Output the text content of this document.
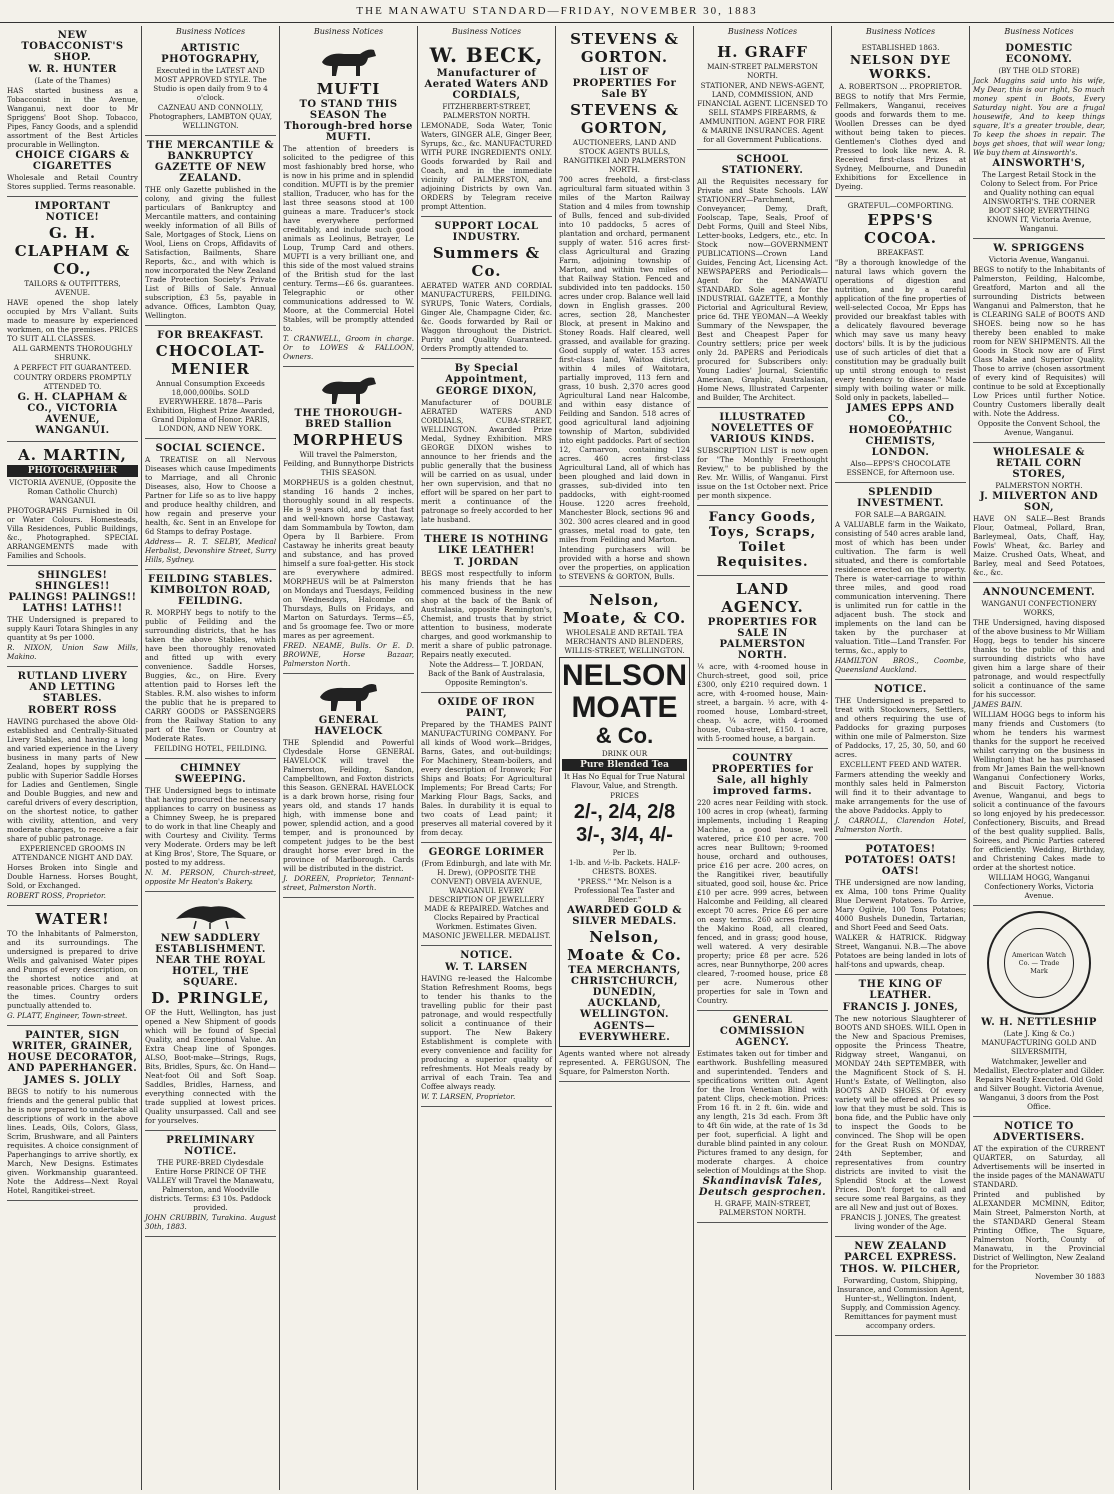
THE MANAWATU STANDARD—FRIDAY, NOVEMBER 30, 1883
NEW TOBACCONIST'S SHOP.
W. R. HUNTER

(Late of the Thames)

HAS started business as a Tobacconist in the Avenue, Wanganui, next door to Mr Spriggens' Boot Shop. Tobacco, Pipes, Fancy Goods, and a splendid assortment of the Best Articles procurable in Wellington.

CHOICE CIGARS & CIGARETTES

Wholesale and Retail Country Stores supplied. Terms reasonable.

IMPORTANT NOTICE!
G. H. CLAPHAM & CO.,

TAILORS & OUTFITTERS, AVENUE.

HAVE opened the shop lately occupied by Mrs V'allant. Suits made to measure by experienced workmen, on the premises. PRICES TO SUIT ALL CLASSES.

ALL GARMENTS THOROUGHLY SHRUNK.

A PERFECT FIT GUARANTEED.

COUNTRY ORDERS PROMPTLY ATTENDED TO.

G. H. CLAPHAM & CO., VICTORIA AVENUE, WANGANUI.
A. MARTIN,
PHOTOGRAPHER

VICTORIA AVENUE, (Opposite the Roman Catholic Church) WANGANUI.

PHOTOGRAPHS Furnished in Oil or Water Colours. Homesteads, Villa Residences, Public Buildings, &c., Photographed. SPECIAL ARRANGEMENTS made with Families and Schools.

SHINGLES! SHINGLES!! PALINGS! PALINGS!! LATHS! LATHS!!

THE Undersigned is prepared to supply Kauri Totara Shingles in any quantity at 9s per 1000.

R. NIXON, Union Saw Mills, Makino.

RUTLAND LIVERY AND LETTING STABLES.
ROBERT ROSS

HAVING purchased the above Old-established and Centrally-Situated Livery Stables, and having a long and varied experience in the Livery business in many parts of New Zealand, hopes by supplying the public with Superior Saddle Horses for Ladies and Gentlemen, Single and Double Buggies, and new and careful drivers of every description, on the shortest notice, to gather with civility, attention, and very moderate charges, to receive a fair share of public patronage.

EXPERIENCED GROOMS IN ATTENDANCE NIGHT AND DAY.

Horses Broken into Single and Double Harness. Horses Bought, Sold, or Exchanged.

ROBERT ROSS, Proprietor.

WATER!

TO the Inhabitants of Palmerston, and its surroundings. The undersigned is prepared to drive Wells and galvanised Water pipes and Pumps of every description, on the shortest notice and at reasonable prices. Charges to suit the times. Country orders punctually attended to.

G. PLATT, Engineer, Town-street.

PAINTER, SIGN WRITER, GRAINER, HOUSE DECORATOR, AND PAPERHANGER.
JAMES S. JOLLY

BEGS to notify to his numerous friends and the general public that he is now prepared to undertake all descriptions of work in the above lines. Leads, Oils, Colors, Glass, Scrim, Brushware, and all Painters requisites. A choice consignment of Paperhangings to arrive shortly, ex March, New Designs. Estimates given. Workmanship guaranteed. Note the Address—Next Royal Hotel, Rangitikei-street.

Business Notices
ARTISTIC PHOTOGRAPHY,

Executed in the LATEST AND MOST APPROVED STYLE. The Studio is open daily from 9 to 4 o'clock.

CAZNEAU AND CONNOLLY, Photographers, LAMBTON QUAY, WELLINGTON.

THE MERCANTILE & BANKRUPTCY GAZETTE OF NEW ZEALAND.

THE only Gazette published in the colony, and giving the fullest particulars of Bankruptcy and Mercantile matters, and containing weekly information of all Bills of Sale, Mortgages of Stock, Liens on Wool, Liens on Crops, Affidavits of Satisfaction, Bailments, Share Reports, &c., and with which is now incorporated the New Zealand Trade Protection Society's Private List of Bills of Sale. Annual subscription, £3 5s, payable in advance. Offices, Lambton Quay, Wellington.

FOR BREAKFAST.
CHOCOLAT-MENIER

Annual Consumption Exceeds 18,000,000lbs. SOLD EVERYWHERE. 1878—Paris Exhibition, Highest Prize Awarded, Grand Diploma of Honor. PARIS, LONDON, AND NEW YORK.

SOCIAL SCIENCE.

A TREATISE on all Nervous Diseases which cause Impediments to Marriage, and all Chronic Diseases, also, How to Choose a Partner for Life so as to live happy and produce healthy children, and how regain and preserve your health, &c. Sent in an Envelope for 6d Stamps to defray Postage.

Address— R. T. SELBY, Medical Herbalist, Devonshire Street, Surry Hills, Sydney.

FEILDING STABLES. KIMBOLTON ROAD, FEILDING.

R. MORPHY begs to notify to the public of Feilding and the surrounding districts, that he has taken the above Stables, which have been thoroughly renovated and fitted up with every convenience. Saddle Horses, Buggies, &c., on Hire. Every attention paid to Horses left the Stables. R.M. also wishes to inform the public that he is prepared to CARRY GOODS or PASSENGERS from the Railway Station to any part of the Town or Country at Moderate Rates.

FEILDING HOTEL, FEILDING.

CHIMNEY SWEEPING.

THE Undersigned begs to intimate that having procured the necessary appliances to carry on business as a Chimney Sweep, he is prepared to do work in that line Cheaply and with Courtesy and Civility. Terms very Moderate. Orders may be left at King Bros', Store, The Square, or posted to my address.

N. M. PERSON, Church-street, opposite Mr Heaton's Bakery.

NEW SADDLERY ESTABLISHMENT. NEAR THE ROYAL HOTEL, THE SQUARE.
D. PRINGLE,

OF the Hutt, Wellington, has just opened a New Shipment of goods which will be found of Special Quality, and Exceptional Value. An Extra Cheap line of Sponges. ALSO, Boot-make—Strings, Rugs, Bits, Bridles, Spurs, &c. On Hand—Neat-foot Oil and Soft Soap. Saddles, Bridles, Harness, and everything connected with the trade supplied at lowest prices. Quality unsurpassed. Call and see for yourselves.

PRELIMINARY NOTICE.

THE PURE-BRED Clydesdale Entire Horse PRINCE OF THE VALLEY will Travel the Manawatu, Palmerston, and Woodville districts. Terms: £3 10s. Paddock provided.

JOHN CRUBBIN, Turakina. August 30th, 1883.

Business Notices
MUFTI
TO STAND THIS SEASON The Thorough-bred horse MUFTI.

The attention of breeders is solicited to the pedigree of this most fashionably bred horse, who is now in his prime and in splendid condition. MUFTI is by the premier stallion, Traducer, who has for the last three seasons stood at 100 guineas a mare. Traducer's stock have everywhere performed creditably, and include such good animals as Leolinus, Betrayer, Le Loup, Trump Card and others. MUFTI is a very brilliant one, and this side of the most valued strains of the British stud for the last century. Terms—£6 6s. guarantees. Telegraphic or other communications addressed to W. Moore, at the Commercial Hotel Stables, will be promptly attended to.

T. CRANWELL, Groom in charge. Or to LOWES & FALLOON, Owners.

THE THOROUGH-BRED Stallion
MORPHEUS

Will travel the Palmerston, Feilding, and Bunnythorpe Districts THIS SEASON.

MORPHEUS is a golden chestnut, standing 16 hands 2 inches, thoroughly sound in all respects. He is 9 years old, and by that fast and well-known horse Castaway, dam Sommambula by Towton, dam Opera by Il Barbiere. From Castaway he inherits great beauty and substance, and has proved himself a sure foal-getter. His stock are everywhere admired. MORPHEUS will be at Palmerston on Mondays and Tuesdays, Feilding on Wednesdays, Halcombe on Thursdays, Bulls on Fridays, and Marton on Saturdays. Terms—£5, and 5s groomage fee. Two or more mares as per agreement.

FRED. NEAME, Bulls. Or E. D. BROWNE, Horse Bazaar, Palmerston North.

GENERAL HAVELOCK

THE Splendid and Powerful Clydesdale Horse GENERAL HAVELOCK will travel the Palmerston, Feilding, Sandon, Campbelltown, and Foxton districts this Season. GENERAL HAVELOCK is a dark brown horse, rising four years old, and stands 17 hands high, with immense bone and power, splendid action, and a good temper, and is pronounced by competent judges to be the best draught horse ever bred in the province of Marlborough. Cards will be distributed in the district.

J. DOREEN, Proprietor, Tennant-street, Palmerston North.

Business Notices
W. BECK,
Manufacturer of Aerated Waters AND CORDIALS,

FITZHERBERT-STREET, PALMERSTON NORTH.

LEMONADE, Soda Water, Tonic Waters, GINGER ALE, Ginger Beer, Syrups, &c., &c. MANUFACTURED WITH PURE INGREDIENTS ONLY. Goods forwarded by Rail and Coach, and in the immediate vicinity of PALMERSTON, and adjoining Districts by own Van. ORDERS by Telegram receive prompt Attention.

SUPPORT LOCAL INDUSTRY.
Summers & Co.

AERATED WATER AND CORDIAL MANUFACTURERS, FEILDING. SYRUPS, Tonic Waters, Cordials, Ginger Ale, Champagne Cider, &c. &c. Goods forwarded by Rail or Waggon throughout the District. Purity and Quality Guaranteed. Orders Promptly attended to.

By Special Appointment,
GEORGE DIXON,

Manufacturer of DOUBLE AERATED WATERS AND CORDIALS, CUBA-STREET, WELLINGTON. Awarded Prize Medal, Sydney Exhibition. MRS GEORGE DIXON wishes to announce to her friends and the public generally that the business will be carried on as usual, under her own supervision, and that no effort will be spared on her part to merit a continuance of the patronage so freely accorded to her late husband.

THERE IS NOTHING LIKE LEATHER!
T. JORDAN

BEGS most respectfully to inform his many friends that he has commenced business in the new shop at the back of the Bank of Australasia, opposite Remington's, Chemist, and trusts that by strict attention to business, moderate charges, and good workmanship to merit a share of public patronage. Repairs neatly executed.

Note the Address— T. JORDAN, Back of the Bank of Australasia, Opposite Remington's.

OXIDE OF IRON PAINT,

Prepared by the THAMES PAINT MANUFACTURING COMPANY. For all kinds of Wood work—Bridges, Barns, Gates, and out-buildings; For Machinery, Steam-boilers, and every description of Ironwork; For Ships and Boats; For Agricultural Implements; For Bread Carts; For Marking Flour Bags, Sacks, and Bales. In durability it is equal to two coats of Lead paint; it preserves all material covered by it from decay.

GEORGE LORIMER

(From Edinburgh, and late with Mr. H. Drew), (OPPOSITE THE CONVENT) OBVEIA AVENUE, WANGANUI. EVERY DESCRIPTION OF JEWELLERY MADE & REPAIRED. Watches and Clocks Repaired by Practical Workmen. Estimates Given. MASONIC JEWELLER. MEDALIST.

NOTICE.
W. T. LARSEN

HAVING re-leased the Halcombe Station Refreshment Rooms, begs to tender his thanks to the travelling public for their past patronage, and would respectfully solicit a continuance of their support. The New Bakery Establishment is complete with every convenience and facility for producing a superior quality of refreshments. Hot Meals ready by arrival of each Train. Tea and Coffee always ready.

W. T. LARSEN, Proprietor.

STEVENS & GORTON.
LIST OF PROPERTIES For Sale BY
STEVENS & GORTON,

AUCTIONEERS, LAND AND STOCK AGENTS BULLS, RANGITIKEI AND PALMERSTON NORTH.

700 acres freehold, a first-class agricultural farm situated within 3 miles of the Marton Railway Station and 4 miles from township of Bulls, fenced and sub-divided into 10 paddocks, 5 acres of plantation and orchard, permanent supply of water. 516 acres first-class Agricultural and Grazing Farm, adjoining township of Marton, and within two miles of that Railway Station. Fenced and subdivided into ten paddocks. 150 acres under crop. Balance well laid down in English grasses. 200 acres, section 28, Manchester Block, at present in Makino and Stoney Roads. Half cleared, well grassed, and available for grazing. Good supply of water. 153 acres first-class land, Waitoa district, within 4 miles of Waitotara, partially improved, 113 fern and grass, 10 bush. 2,370 acres good Agricultural Land near Halcombe, and within easy distance of Feilding and Sandon. 518 acres of good agricultural land adjoining township of Marton, subdivided into eight paddocks. Part of section 12, Carnarvon, containing 124 acres. 460 acres first-class Agricultural Land, all of which has been ploughed and laid down in grasses, sub-divided into ten paddocks, with eight-roomed House. 1220 acres freehold, Manchester Block, sections 96 and 302. 300 acres cleared and in good grasses, metal road to gate, ten miles from Feilding and Marton.

Intending purchasers will be provided with a horse and shown over the properties, on application to STEVENS & GORTON, Bulls.

Nelson, Moate, & CO.

WHOLESALE AND RETAIL TEA MERCHANTS AND BLENDERS, WILLIS-STREET, WELLINGTON.

NELSON
MOATE
& Co.

DRINK OUR

Pure Blended Tea

It Has No Equal for True Natural Flavour, Value, and Strength.

PRICES

2/-, 2/4, 2/8
3/-, 3/4, 4/-

Per lb.

1-lb. and ½-lb. Packets. HALF-CHESTS. BOXES.

"PRESS." "Mr. Nelson is a Professional Tea Taster and Blender."

AWARDED GOLD & SILVER MEDALS.
Nelson, Moate & Co.
TEA MERCHANTS, CHRISTCHURCH, DUNEDIN, AUCKLAND, WELLINGTON.
AGENTS—EVERYWHERE.

Agents wanted where not already represented. A. FERGUSON, The Square, for Palmerston North.

Business Notices
H. GRAFF

MAIN-STREET PALMERSTON NORTH.

STATIONER, AND NEWS-AGENT, LAND, COMMISSION, AND FINANCIAL AGENT. LICENSED TO SELL STAMPS FIREARMS, & AMMUNITION. AGENT FOR FIRE & MARINE INSURANCES. Agent for all Government Publications.

SCHOOL STATIONERY.

All the Requisites necessary for Private and State Schools. LAW STATIONERY—Parchment, Conveyancer, Demy, Draft, Foolscap, Tape, Seals, Proof of Debt Forms, Quill and Steel Nibs, Letter-books, Ledgers, etc., etc. In Stock now—GOVERNMENT PUBLICATIONS—Crown Land Guides, Fencing Act, Licensing Act. NEWSPAPERS and Periodicals—Agent for the MANAWATU STANDARD. Sole agent for the INDUSTRIAL GAZETTE, a Monthly Pictorial and Agricultural Review, price 6d. THE YEOMAN—A Weekly Summary of the Newspaper, the Best and Cheapest Paper for Country settlers; price per week only 2d. PAPERS and Periodicals procured for Subscribers only: Young Ladies' Journal, Scientific American, Graphic, Australasian, Home News, Illustrated Carpenter and Builder, The Architect.

ILLUSTRATED NOVELETTES OF VARIOUS KINDS.

SUBSCRIPTION LIST is now open for "The Monthly Freethought Review," to be published by the Rev. Mr. Willis, of Wanganui. First issue on the 1st October next. Price per month sixpence.

Fancy Goods, Toys, Scraps, Toilet Requisites.
LAND AGENCY.
PROPERTIES FOR SALE IN PALMERSTON NORTH.

¼ acre, with 4-roomed house in Church-street, good soil, price £300, only £210 required down. 1 acre, with 4-roomed house, Main-street, a bargain. ½ acre, with 4-roomed house, Lombard-street, cheap. ¼ acre, with 4-roomed house, Cuba-street, £150. 1 acre, with 5-roomed house, a bargain.

COUNTRY PROPERTIES for Sale, all highly improved farms.

220 acres near Feilding with stock. 100 acres in crop (wheat), farming implements, including 1 Reaping Machine, a good house, well watered, price £10 per acre. 700 acres near Bulltown; 9-roomed house, orchard and outhouses, price £16 per acre. 200 acres, on the Rangitikei river, beautifully situated, good soil, house &c. Price £10 per acre. 999 acres, between Halcombe and Feilding, all cleared except 70 acres. Price £6 per acre on easy terms. 260 acres fronting the Makino Road, all cleared, fenced, and in grass; good house, well watered. A very desirable property; price £8 per acre. 526 acres, near Bunnythorpe, 200 acres cleared, 7-roomed house, price £8 per acre. Numerous other properties for sale in Town and Country.

GENERAL COMMISSION AGENCY.

Estimates taken out for timber and earthwork. Bushfelling measured and superintended. Tenders and specifications written out. Agent for the Iron Venetian Blind with patent Clips, check-motion. Prices: From 16 ft. in 2 ft. 6in. wide and any length, 21s 3d each. From 3ft to 4ft 6in wide, at the rate of 1s 3d per foot, superficial. A light and durable blind painted in any colour. Pictures framed to any design, for moderate charges. A choice selection of Mouldings at the Shop.

Skandinavisk Tales, Deutsch gesprochen.

H. GRAFF, MAIN-STREET, PALMERSTON NORTH.

Business Notices

ESTABLISHED 1863.

NELSON DYE WORKS.

A. ROBERTSON ... PROPRIETOR.

BEGS to notify that Mrs Fermie, Fellmakers, Wanganui, receives goods and forwards them to me. Woollen Dresses can be dyed without being taken to pieces. Gentlemen's Clothes dyed and Pressed to look like new. A. R. Received first-class Prizes at Sydney, Melbourne, and Dunedin Exhibitions for Excellence in Dyeing.

GRATEFUL—COMFORTING.

EPPS'S COCOA.

BREAKFAST.

"By a thorough knowledge of the natural laws which govern the operations of digestion and nutrition, and by a careful application of the fine properties of well-selected Cocoa, Mr Epps has provided our breakfast tables with a delicately flavoured beverage which may save us many heavy doctors' bills. It is by the judicious use of such articles of diet that a constitution may be gradually built up until strong enough to resist every tendency to disease." Made simply with boiling water or milk. Sold only in packets, labelled—

JAMES EPPS AND CO., HOMOEOPATHIC CHEMISTS, LONDON.

Also—EPPS'S CHOCOLATE ESSENCE, for Afternoon use.

SPLENDID INVESTMENT.

FOR SALE—A BARGAIN.

A VALUABLE farm in the Waikato, consisting of 540 acres arable land, most of which has been under cultivation. The farm is well situated, and there is comfortable residence erected on the property. There is water-carriage to within three miles, and good road communication intervening. There is unlimited run for cattle in the adjacent bush. The stock and implements on the land can be taken by the purchaser at valuation. Title—Land Transfer. For terms, &c., apply to

HAMILTON BROS., Coombe, Queensland Auckland.

NOTICE.

THE Undersigned is prepared to treat with Stockowners, Settlers, and others requiring the use of Paddocks for grazing purposes within one mile of Palmerston. Size of Paddocks, 17, 25, 30, 50, and 60 acres.

EXCELLENT FEED AND WATER.

Farmers attending the weekly and monthly sales held in Palmerston will find it to their advantage to make arrangements for the use of the above Paddocks. Apply to

J. CARROLL, Clarendon Hotel, Palmerston North.

POTATOES! POTATOES! OATS! OATS!

THE undersigned are now landing, ex Alma, 100 tons Prime Quality Blue Derwent Potatoes. To Arrive, Mary Ogilvie, 100 Tons Potatoes; 4000 Bushels Dunedin, Tartarian, and Short Feed and Seed Oats.

WALKER & HATRICK. Ridgway Street, Wanganui. N.B.—The above Potatoes are being landed in lots of half-tons and upwards, cheap.

THE KING OF LEATHER.
FRANCIS J. JONES,

The new notorious Slaughterer of BOOTS AND SHOES. WILL Open in the New and Spacious Premises, opposite the Princess Theatre, Ridgway street, Wanganui, on MONDAY 24th SEPTEMBER, with the Magnificent Stock of S. H. Hunt's Estate, of Wellington, also BOOTS AND SHOES. Of every variety will be offered at Prices so low that they must be sold. This is bona fide, and the Public have only to inspect the Goods to be convinced. The Shop will be open for the Great Rush on MONDAY, 24th September, and representatives from country districts are invited to visit the Splendid Stock at the Lowest Prices. Don't forget to call and secure some real Bargains, as they are all New and just out of Boxes.

FRANCIS J. JONES, The greatest living wonder of the Age.

NEW ZEALAND PARCEL EXPRESS.
THOS. W. PILCHER,

Forwarding, Custom, Shipping, Insurance, and Commission Agent, Hunter-st., Wellington. Indent, Supply, and Commission Agency. Remittances for payment must accompany orders.

Business Notices
DOMESTIC ECONOMY.

(BY THE OLD STORE)

Jack Muggins said unto his wife, My Dear, this is our right, So much money spent in Boots, Every Saturday night. You are a frugal housewife, And to keep things square, It's a greater trouble, dear, To keep the shoes in repair. The boys get shoes, that will wear long; We buy them at Ainsworth's.

AINSWORTH'S,

The Largest Retail Stock in the Colony to Select from. For Price and Quality nothing can equal AINSWORTH'S. THE CORNER BOOT SHOP, EVERYTHING KNOWN IT, Victoria Avenue, Wanganui.

W. SPRIGGENS

Victoria Avenue, Wanganui.

BEGS to notify to the Inhabitants of Palmerston, Feilding, Halcombe, Greatford, Marton and all the surrounding Districts between Wanganui and Palmerston, that he is CLEARING SALE of BOOTS AND SHOES. being now so he has thereby been enabled to make room for NEW SHIPMENTS. All the Goods in Stock now are of First Class Make and Superior Quality. Those to arrive (chosen assortment of every kind of Requisites) will continue to be sold at Exceptionally Low Prices until further Notice. Country Customers liberally dealt with. Note the Address.

Opposite the Convent School, the Avenue, Wanganui.

WHOLESALE & RETAIL CORN STORES,

PALMERSTON NORTH.

J. MILVERTON AND SON,

HAVE ON SALE—Best Brands Flour, Oatmeal, Pollard, Bran, Barleymeal, Oats, Chaff, Hay, Fowls' Wheat, &c. Barley and Maize. Crushed Oats, Wheat, and Barley, meal and Seed Potatoes, &c., &c.

ANNOUNCEMENT.

WANGANUI CONFECTIONERY WORKS,

THE Undersigned, having disposed of the above business to Mr William Hogg, begs to tender his sincere thanks to the public of this and surrounding districts who have given him a large share of their patronage, and would respectfully solicit a continuance of the same for his successor.

JAMES BAIN.

WILLIAM HOGG begs to inform his many friends and Customers (to whom he tenders his warmest thanks for the support he received whilst carrying on the business in Wellington) that he has purchased from Mr James Bain the well-known Wanganui Confectionery Works, and Biscuit Factory, Victoria Avenue, Wanganui, and begs to solicit a continuance of the favours so long enjoyed by his predecessor. Confectionery, Biscuits, and Bread of the best quality supplied. Balls, Soirees, and Picnic Parties catered for efficiently. Wedding, Birthday, and Christening Cakes made to order at the shortest notice.

WILLIAM HOGG, Wanganui Confectionery Works, Victoria Avenue.

American Watch Co. — Trade Mark
W. H. NETTLESHIP

(Late J. King & Co.) MANUFACTURING GOLD AND SILVERSMITH,

Watchmaker, Jeweller and Medallist, Electro-plater and Gilder. Repairs Neatly Executed. Old Gold and Silver Bought. Victoria Avenue, Wanganui, 3 doors from the Post Office.

NOTICE TO ADVERTISERS.

AT the expiration of the CURRENT QUARTER, on Saturday, all Advertisements will be inserted in the inside pages of the MANAWATU STANDARD.

Printed and published by ALEXANDER MCMINN, Editor, Main Street, Palmerston North, at the STANDARD General Steam Printing Office, The Square, Palmerston North, County of Manawatu, in the Provincial District of Wellington, New Zealand for the Proprietor.

November 30 1883
